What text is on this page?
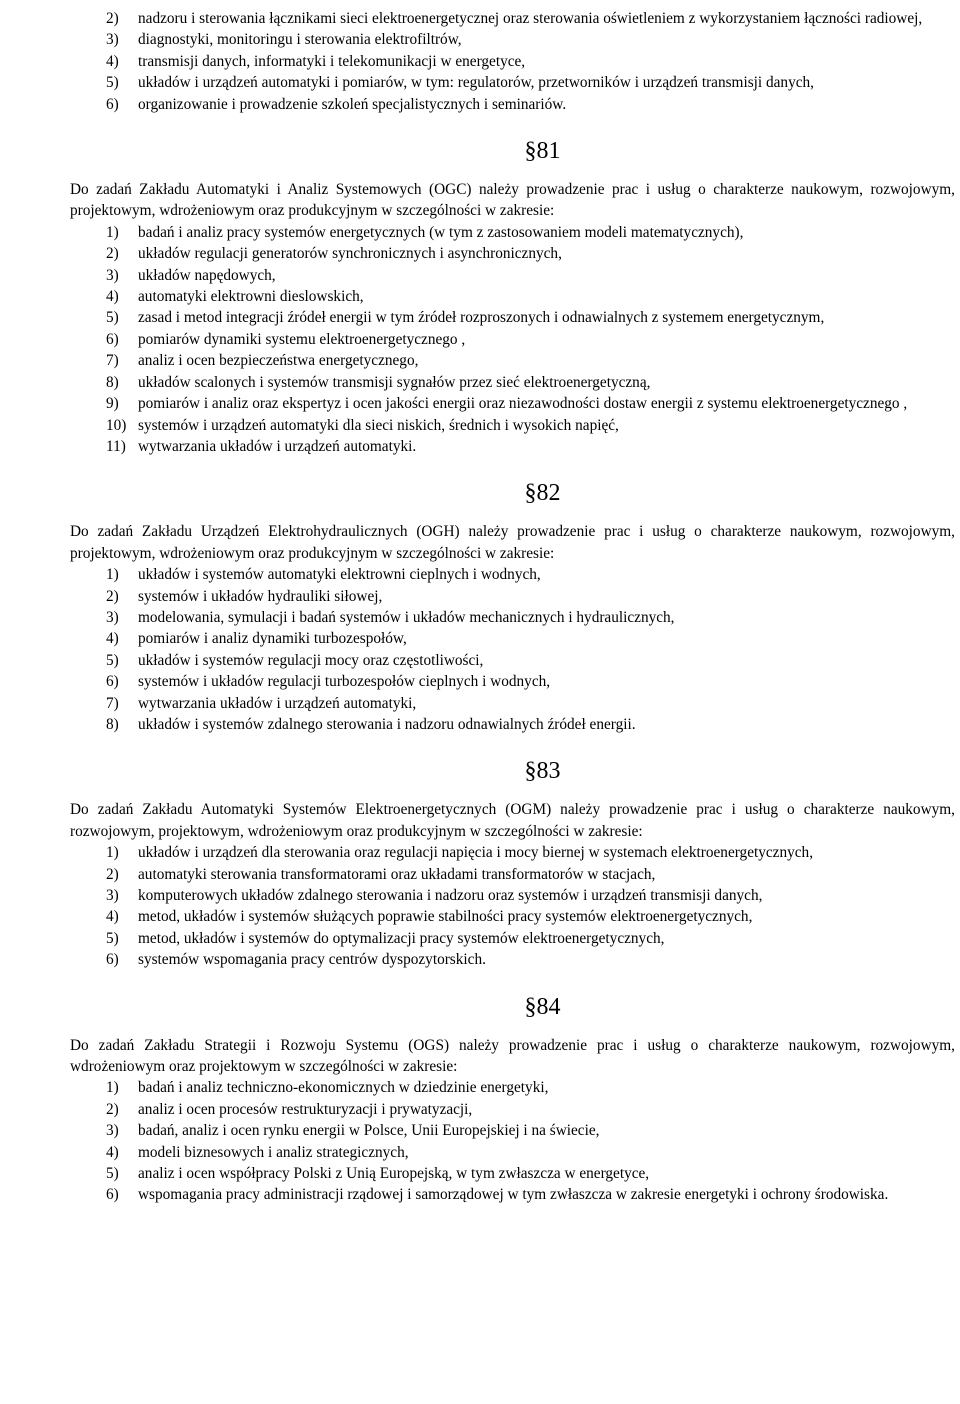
2) nadzoru i sterowania łącznikami sieci elektroenergetycznej oraz sterowania oświetleniem z wykorzystaniem łączności radiowej,
3) diagnostyki, monitoringu i sterowania elektrofiltrów,
4) transmisji danych, informatyki i telekomunikacji w energetyce,
5) układów i urządzeń automatyki i pomiarów, w tym: regulatorów, przetworników i urządzeń transmisji danych,
6) organizowanie i prowadzenie szkoleń specjalistycznych i seminariów.
§81

Do zadań Zakładu Automatyki i Analiz Systemowych (OGC) należy prowadzenie prac i usług o charakterze naukowym, rozwojowym, projektowym, wdrożeniowym oraz produkcyjnym w szczególności w zakresie:

1) badań i analiz pracy systemów energetycznych (w tym z zastosowaniem modeli matematycznych),
2) układów regulacji generatorów synchronicznych i asynchronicznych,
3) układów napędowych,
4) automatyki elektrowni dieslowskich,
5) zasad i metod integracji źródeł energii w tym źródeł rozproszonych i odnawialnych z systemem energetycznym,
6) pomiarów dynamiki systemu elektroenergetycznego ,
7) analiz i ocen bezpieczeństwa energetycznego,
8) układów scalonych i systemów transmisji sygnałów przez sieć elektroenergetyczną,
9) pomiarów i analiz oraz ekspertyz i ocen jakości energii oraz niezawodności dostaw energii z systemu elektroenergetycznego ,
10) systemów i urządzeń automatyki dla sieci niskich, średnich i wysokich napięć,
11) wytwarzania układów i urządzeń automatyki.
§82

Do zadań Zakładu Urządzeń Elektrohydraulicznych (OGH) należy prowadzenie prac i usług o charakterze naukowym, rozwojowym, projektowym, wdrożeniowym oraz produkcyjnym w szczególności w zakresie:

1) układów i systemów automatyki elektrowni cieplnych i wodnych,
2) systemów i układów hydrauliki siłowej,
3) modelowania, symulacji i badań systemów i układów mechanicznych i hydraulicznych,
4) pomiarów i analiz dynamiki turbozespołów,
5) układów i systemów regulacji mocy oraz częstotliwości,
6) systemów i układów regulacji turbozespołów cieplnych i wodnych,
7) wytwarzania układów i urządzeń automatyki,
8) układów i systemów zdalnego sterowania i nadzoru odnawialnych źródeł energii.
§83

Do zadań Zakładu Automatyki Systemów Elektroenergetycznych (OGM) należy prowadzenie prac i usług o charakterze naukowym, rozwojowym, projektowym, wdrożeniowym oraz produkcyjnym w szczególności w zakresie:

1) układów i urządzeń dla sterowania oraz regulacji napięcia i mocy biernej w systemach elektroenergetycznych,
2) automatyki sterowania transformatorami oraz układami transformatorów w stacjach,
3) komputerowych układów zdalnego sterowania i nadzoru oraz systemów i urządzeń transmisji danych,
4) metod, układów i systemów służących poprawie stabilności pracy systemów elektroenergetycznych,
5) metod, układów i systemów do optymalizacji pracy systemów elektroenergetycznych,
6) systemów wspomagania pracy centrów dyspozytorskich.
§84

Do zadań Zakładu Strategii i Rozwoju Systemu (OGS) należy prowadzenie prac i usług o charakterze naukowym, rozwojowym, wdrożeniowym oraz projektowym w szczególności w zakresie:

1) badań i analiz techniczno-ekonomicznych w dziedzinie energetyki,
2) analiz i ocen procesów restrukturyzacji i prywatyzacji,
3) badań, analiz i ocen rynku energii w Polsce, Unii Europejskiej i na świecie,
4) modeli biznesowych i analiz strategicznych,
5) analiz i ocen współpracy Polski z Unią Europejską, w tym zwłaszcza w energetyce,
6) wspomagania pracy administracji rządowej i samorządowej w tym zwłaszcza w zakresie energetyki i ochrony środowiska.
